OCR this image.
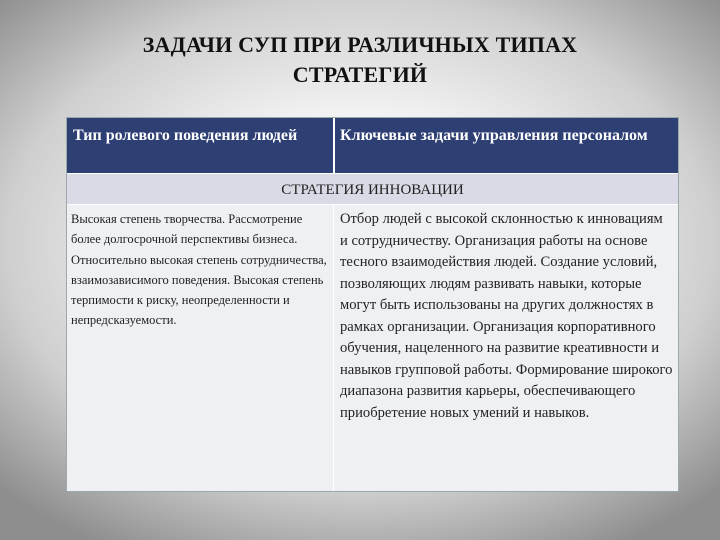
ЗАДАЧИ СУП ПРИ РАЗЛИЧНЫХ ТИПАХ
СТРАТЕГИЙ
Тип ролевого поведения людей	Ключевые задачи управления персоналом
СТРАТЕГИЯ ИННОВАЦИИ
Высокая степень творчества. Рассмотрение более долгосрочной перспективы бизнеса. Относительно высокая степень сотрудничества, взаимозависимого поведения. Высокая степень терпимости к риску, неопределенности и непредсказуемости.
Отбор людей с высокой склонностью к инновациям и сотрудничеству. Организация работы на основе тесного взаимодействия людей. Создание условий, позволяющих людям развивать навыки, которые могут быть использованы на других должностях в рамках организации. Организация корпоративного обучения, нацеленного на развитие креативности и навыков групповой работы. Формирование широкого диапазона развития карьеры, обеспечивающего приобретение новых умений и навыков.
